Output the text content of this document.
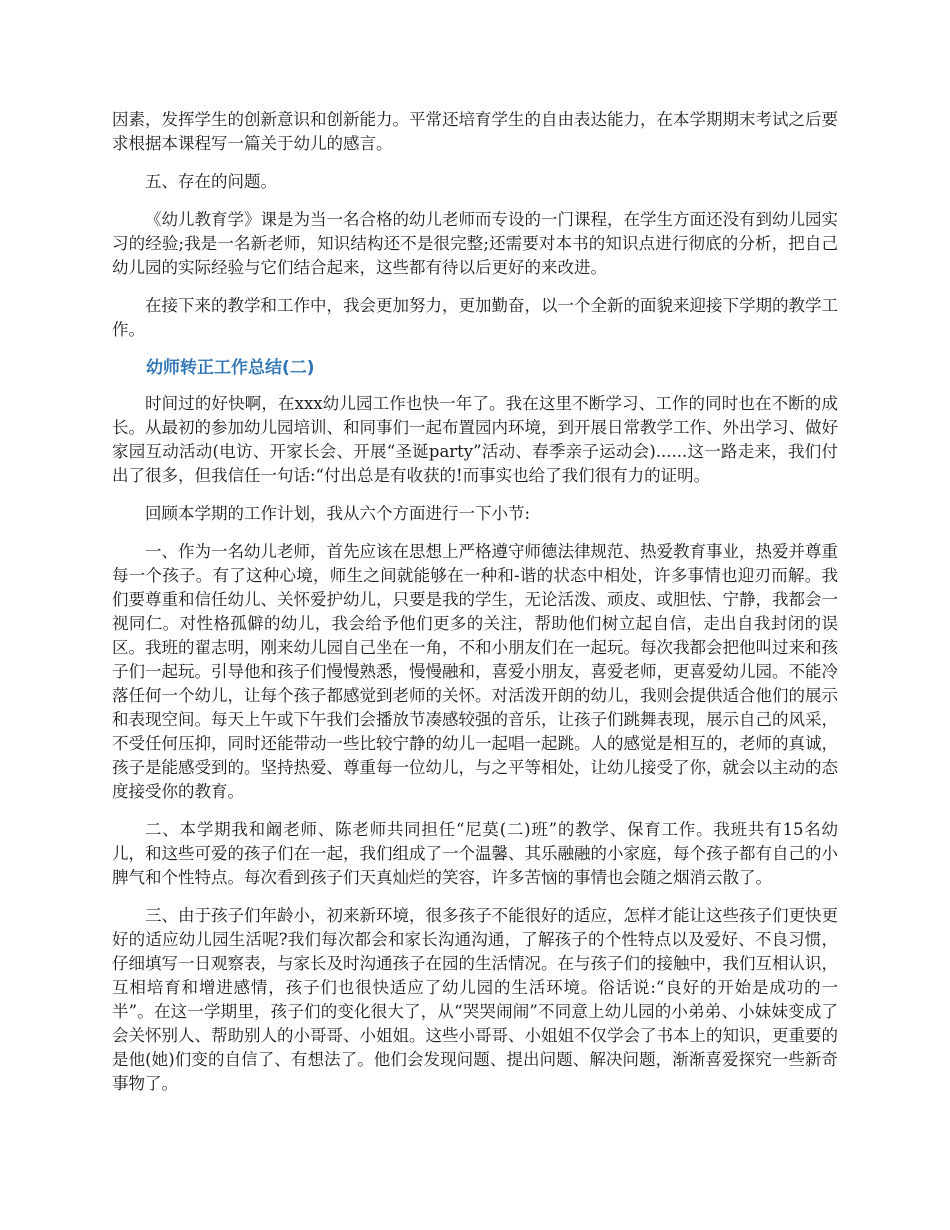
因素，发挥学生的创新意识和创新能力。平常还培育学生的自由表达能力，在本学期期末考试之后要求根据本课程写一篇关于幼儿的感言。

五、存在的问题。

《幼儿教育学》课是为当一名合格的幼儿老师而专设的一门课程，在学生方面还没有到幼儿园实习的经验;我是一名新老师，知识结构还不是很完整;还需要对本书的知识点进行彻底的分析，把自己幼儿园的实际经验与它们结合起来，这些都有待以后更好的来改进。

在接下来的教学和工作中，我会更加努力，更加勤奋，以一个全新的面貌来迎接下学期的教学工作。

幼师转正工作总结(二)

时间过的好快啊，在xxx幼儿园工作也快一年了。我在这里不断学习、工作的同时也在不断的成长。从最初的参加幼儿园培训、和同事们一起布置园内环境，到开展日常教学工作、外出学习、做好家园互动活动(电访、开家长会、开展“圣诞party”活动、春季亲子运动会)......这一路走来，我们付出了很多，但我信任一句话:“付出总是有收获的!而事实也给了我们很有力的证明。

回顾本学期的工作计划，我从六个方面进行一下小节:

一、作为一名幼儿老师，首先应该在思想上严格遵守师德法律规范、热爱教育事业，热爱并尊重每一个孩子。有了这种心境，师生之间就能够在一种和-谐的状态中相处，许多事情也迎刃而解。我们要尊重和信任幼儿、关怀爱护幼儿，只要是我的学生，无论活泼、顽皮、或胆怯、宁静，我都会一视同仁。对性格孤僻的幼儿，我会给予他们更多的关注，帮助他们树立起自信，走出自我封闭的误区。我班的翟志明，刚来幼儿园自己坐在一角，不和小朋友们在一起玩。每次我都会把他叫过来和孩子们一起玩。引导他和孩子们慢慢熟悉，慢慢融和，喜爱小朋友，喜爱老师，更喜爱幼儿园。不能冷落任何一个幼儿，让每个孩子都感觉到老师的关怀。对活泼开朗的幼儿，我则会提供适合他们的展示和表现空间。每天上午或下午我们会播放节凑感较强的音乐，让孩子们跳舞表现，展示自己的风采，不受任何压抑，同时还能带动一些比较宁静的幼儿一起唱一起跳。人的感觉是相互的，老师的真诚，孩子是能感受到的。坚持热爱、尊重每一位幼儿，与之平等相处，让幼儿接受了你，就会以主动的态度接受你的教育。

二、本学期我和阚老师、陈老师共同担任“尼莫(二)班”的教学、保育工作。我班共有15名幼儿，和这些可爱的孩子们在一起，我们组成了一个温馨、其乐融融的小家庭，每个孩子都有自己的小脾气和个性特点。每次看到孩子们天真灿烂的笑容，许多苦恼的事情也会随之烟消云散了。

三、由于孩子们年龄小，初来新环境，很多孩子不能很好的适应，怎样才能让这些孩子们更快更好的适应幼儿园生活呢?我们每次都会和家长沟通沟通，了解孩子的个性特点以及爱好、不良习惯，仔细填写一日观察表，与家长及时沟通孩子在园的生活情况。在与孩子们的接触中，我们互相认识，互相培育和增进感情，孩子们也很快适应了幼儿园的生活环境。俗话说:“良好的开始是成功的一半”。在这一学期里，孩子们的变化很大了，从“哭哭闹闹”不同意上幼儿园的小弟弟、小妹妹变成了会关怀别人、帮助别人的小哥哥、小姐姐。这些小哥哥、小姐姐不仅学会了书本上的知识，更重要的是他(她)们变的自信了、有想法了。他们会发现问题、提出问题、解决问题，渐渐喜爱探究一些新奇事物了。
